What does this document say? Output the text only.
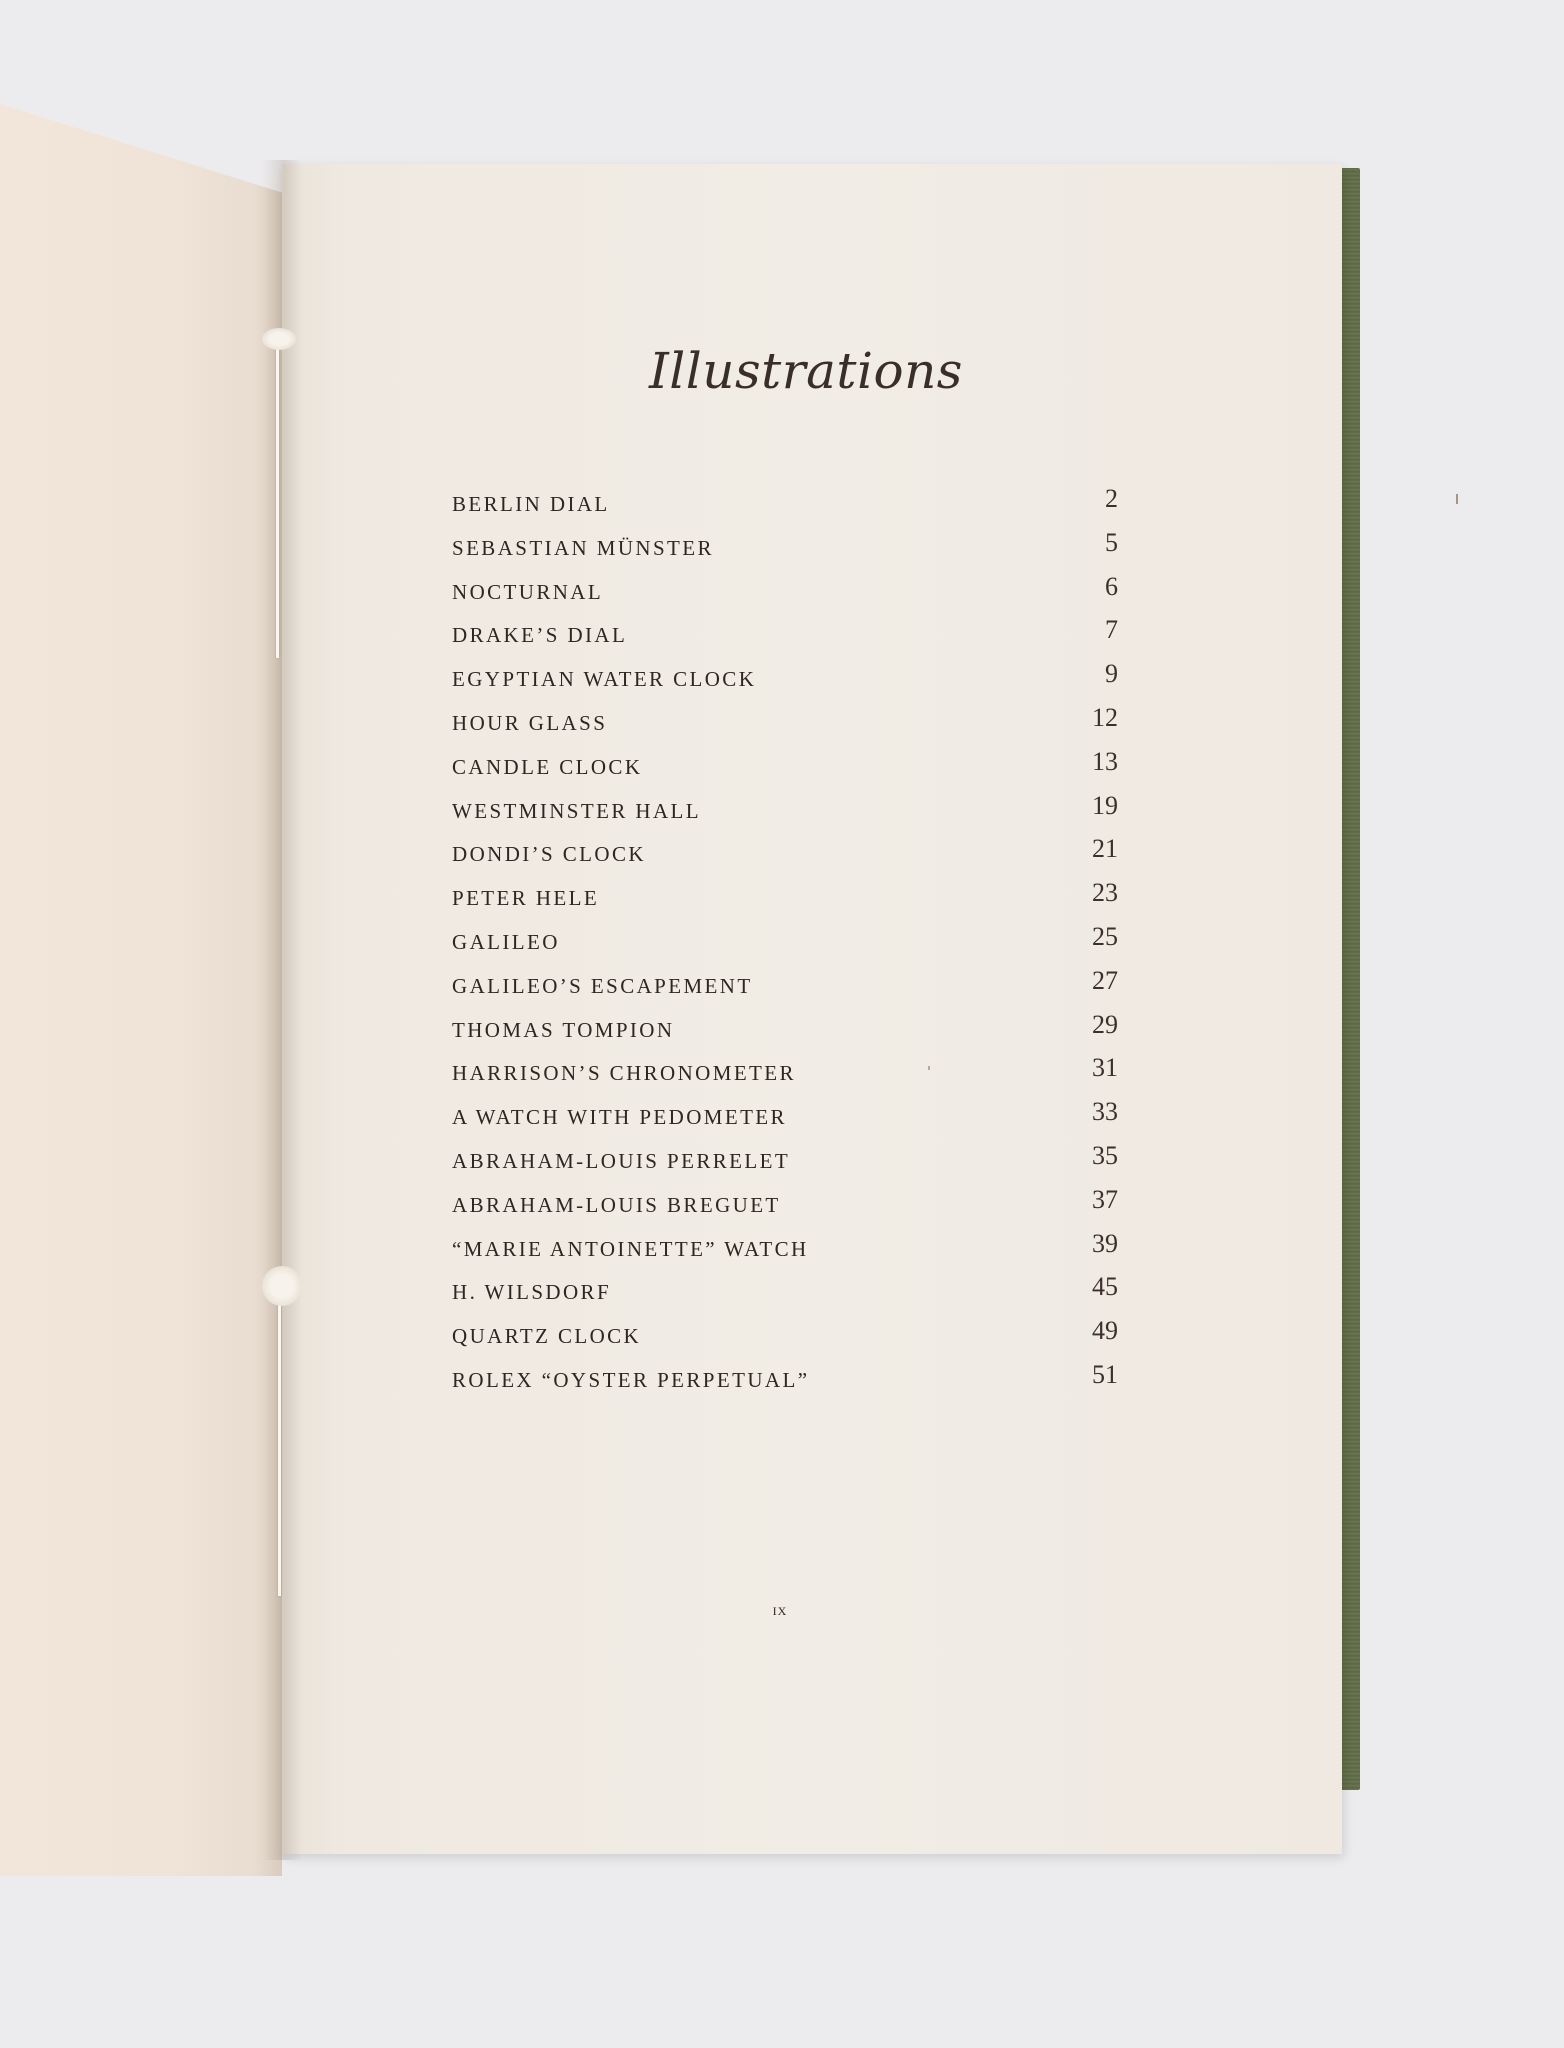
Illustrations
BERLIN DIAL	2
SEBASTIAN MÜNSTER	5
NOCTURNAL	6
DRAKE’S DIAL	7
EGYPTIAN WATER CLOCK	9
HOUR GLASS	12
CANDLE CLOCK	13
WESTMINSTER HALL	19
DONDI’S CLOCK	21
PETER HELE	23
GALILEO	25
GALILEO’S ESCAPEMENT	27
THOMAS TOMPION	29
HARRISON’S CHRONOMETER	31
A WATCH WITH PEDOMETER	33
ABRAHAM-LOUIS PERRELET	35
ABRAHAM-LOUIS BREGUET	37
“MARIE ANTOINETTE” WATCH	39
H. WILSDORF	45
QUARTZ CLOCK	49
ROLEX “OYSTER PERPETUAL”	51
ix
